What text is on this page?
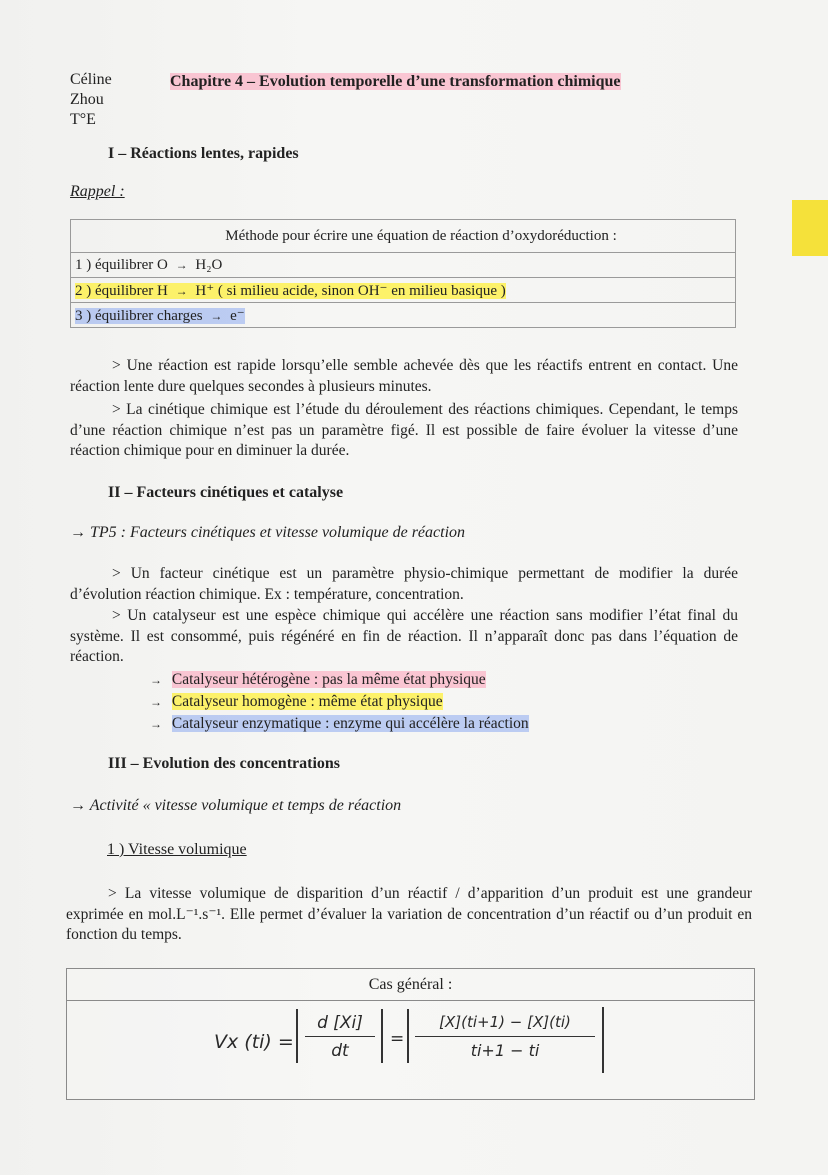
Céline
Zhou
T°E
Chapitre 4 – Evolution temporelle d’une transformation chimique
I – Réactions lentes, rapides
Rappel :
Méthode pour écrire une équation de réaction d’oxydoréduction :
1 ) équilibrer O → H₂O
2 ) équilibrer H → H⁺ ( si milieu acide, sinon OH⁻ en milieu basique )
3 ) équilibrer charges → e⁻
> Une réaction est rapide lorsqu’elle semble achevée dès que les réactifs entrent en contact. Une réaction lente dure quelques secondes à plusieurs minutes.
> La cinétique chimique est l’étude du déroulement des réactions chimiques. Cependant, le temps d’une réaction chimique n’est pas un paramètre figé. Il est possible de faire évoluer la vitesse d’une réaction chimique pour en diminuer la durée.
II – Facteurs cinétiques et catalyse
→ TP5 : Facteurs cinétiques et vitesse volumique de réaction
> Un facteur cinétique est un paramètre physio-chimique permettant de modifier la durée d’évolution réaction chimique. Ex : température, concentration.
> Un catalyseur est une espèce chimique qui accélère une réaction sans modifier l’état final du système. Il est consommé, puis régénéré en fin de réaction. Il n’apparaît donc pas dans l’équation de réaction.
→ Catalyseur hétérogène : pas la même état physique
→ Catalyseur homogène : même état physique
→ Catalyseur enzymatique : enzyme qui accélère la réaction
III – Evolution des concentrations
→ Activité « vitesse volumique et temps de réaction
1 ) Vitesse volumique
> La vitesse volumique de disparition d’un réactif / d’apparition d’un produit est une grandeur exprimée en mol.L⁻¹.s⁻¹. Elle permet d’évaluer la variation de concentration d’un réactif ou d’un produit en fonction du temps.
Cas général :
Vx (ti) =
d [Xi]
dt
=
[X](ti+1) − [X](ti)
ti+1 − ti
